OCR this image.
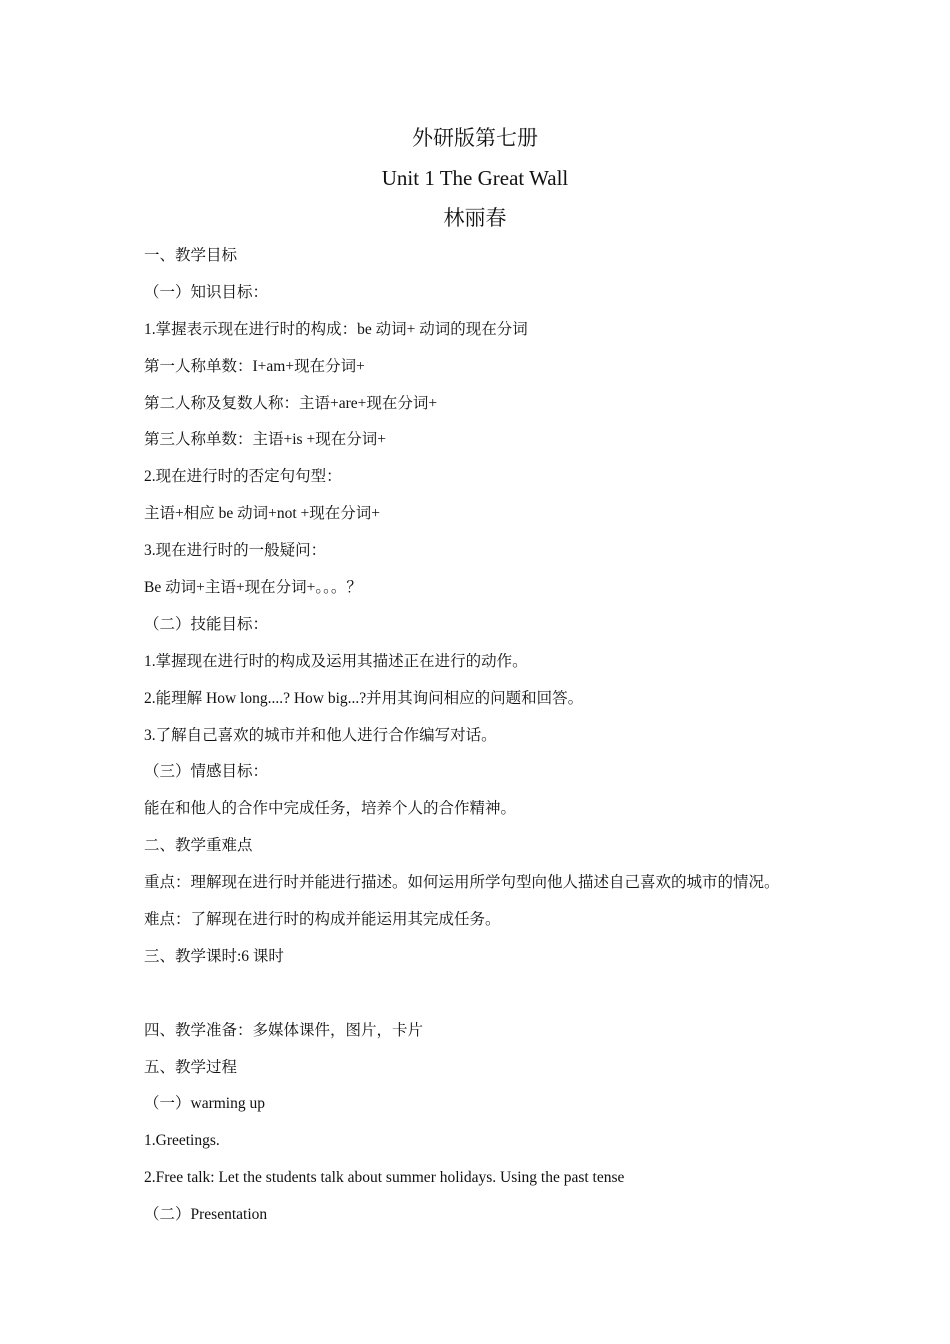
外研版第七册
Unit 1 The Great Wall
林丽春
一、教学目标
（一）知识目标：
1.掌握表示现在进行时的构成：be 动词+ 动词的现在分词
第一人称单数：I+am+现在分词+
第二人称及复数人称：主语+are+现在分词+
第三人称单数：主语+is +现在分词+
2.现在进行时的否定句句型：
主语+相应 be 动词+not +现在分词+
3.现在进行时的一般疑问：
Be 动词+主语+现在分词+。。。？
（二）技能目标：
1.掌握现在进行时的构成及运用其描述正在进行的动作。
2.能理解 How long....? How big...?并用其询问相应的问题和回答。
3.了解自己喜欢的城市并和他人进行合作编写对话。
（三）情感目标：
能在和他人的合作中完成任务，培养个人的合作精神。
二、教学重难点
重点：理解现在进行时并能进行描述。如何运用所学句型向他人描述自己喜欢的城市的情况。
难点：了解现在进行时的构成并能运用其完成任务。
三、教学课时:6 课时
四、教学准备：多媒体课件，图片，卡片
五、教学过程
（一）warming up
1.Greetings.
2.Free talk: Let the students talk about summer holidays. Using the past tense
（二）Presentation
